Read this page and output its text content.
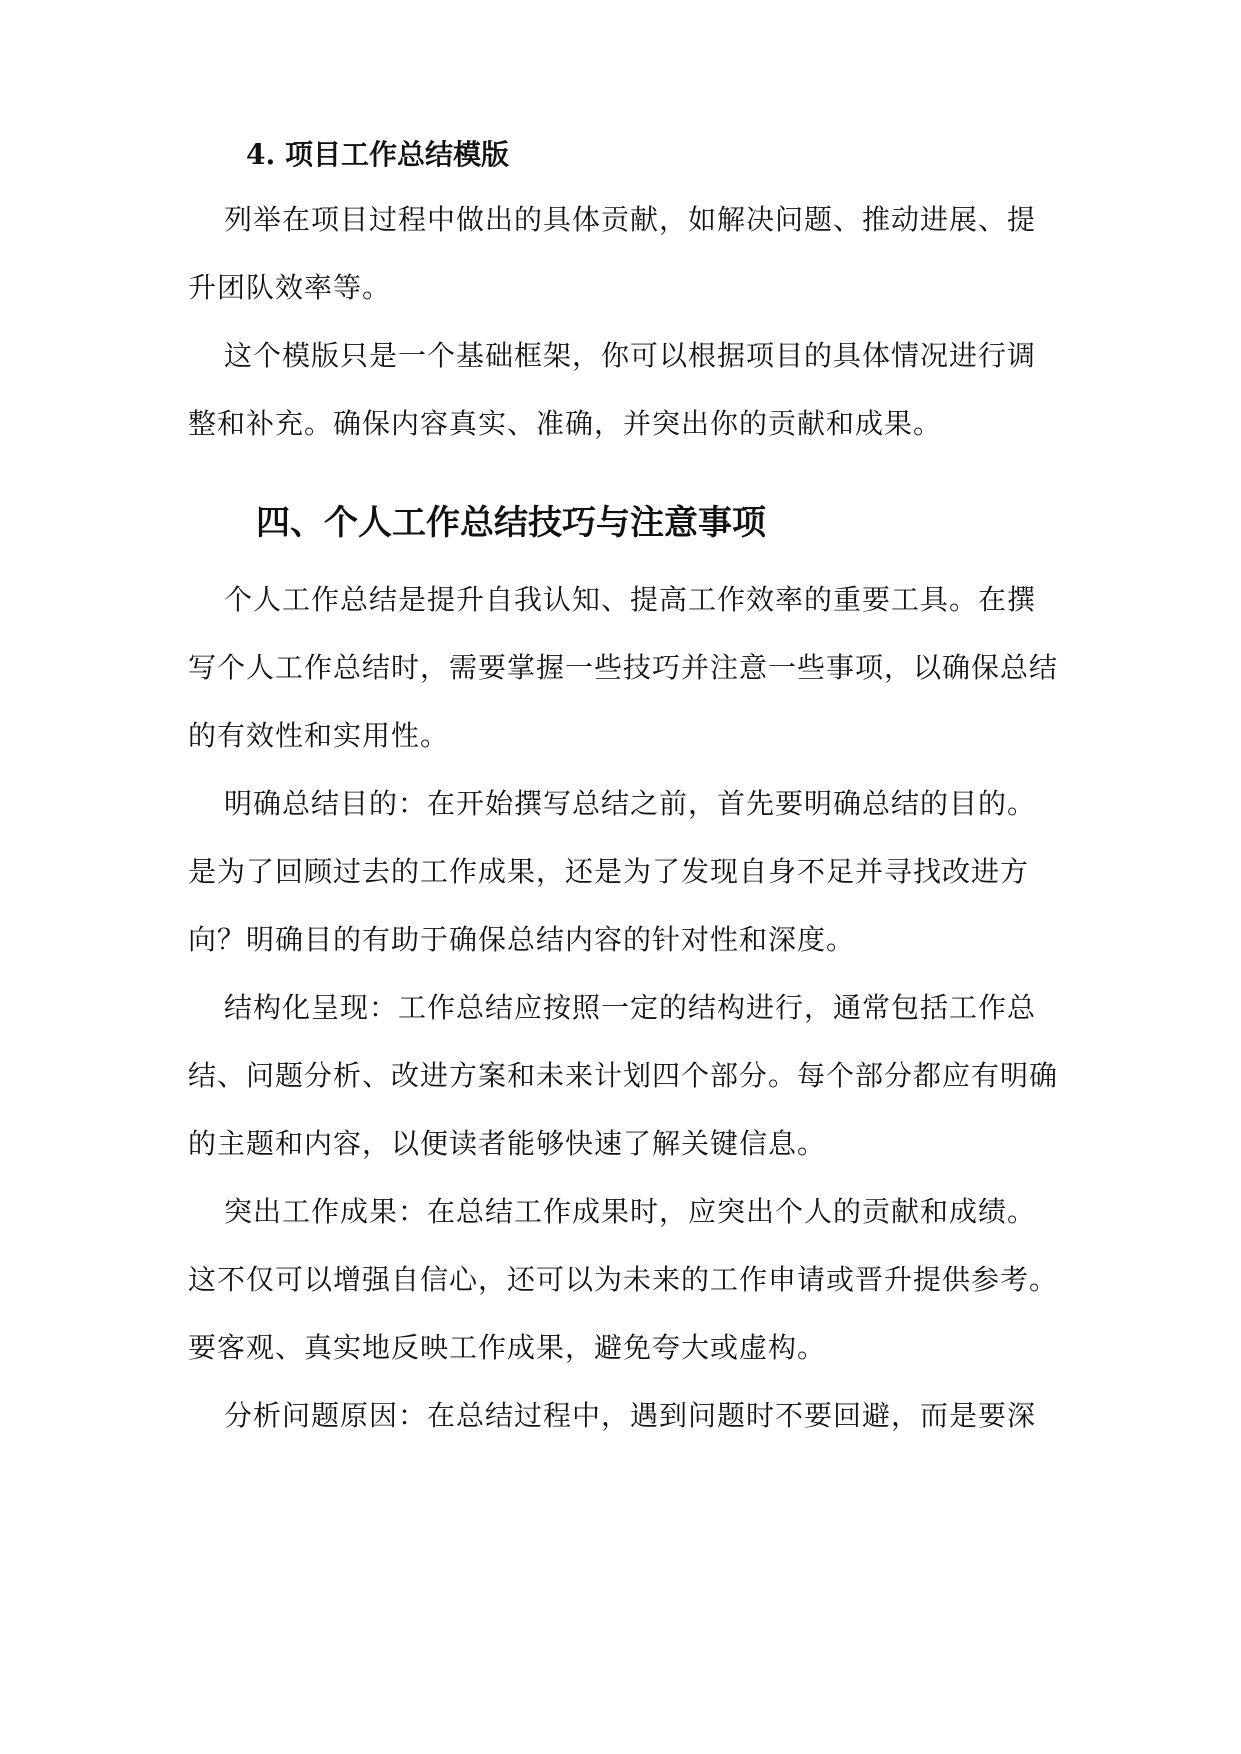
4. 项目工作总结模版

列举在项目过程中做出的具体贡献，如解决问题、推动进展、提

升团队效率等。

这个模版只是一个基础框架，你可以根据项目的具体情况进行调

整和补充。确保内容真实、准确，并突出你的贡献和成果。

四、个人工作总结技巧与注意事项

个人工作总结是提升自我认知、提高工作效率的重要工具。在撰

写个人工作总结时，需要掌握一些技巧并注意一些事项，以确保总结

的有效性和实用性。

明确总结目的：在开始撰写总结之前，首先要明确总结的目的。

是为了回顾过去的工作成果，还是为了发现自身不足并寻找改进方

向？明确目的有助于确保总结内容的针对性和深度。

结构化呈现：工作总结应按照一定的结构进行，通常包括工作总

结、问题分析、改进方案和未来计划四个部分。每个部分都应有明确

的主题和内容，以便读者能够快速了解关键信息。

突出工作成果：在总结工作成果时，应突出个人的贡献和成绩。

这不仅可以增强自信心，还可以为未来的工作申请或晋升提供参考。

要客观、真实地反映工作成果，避免夸大或虚构。

分析问题原因：在总结过程中，遇到问题时不要回避，而是要深
